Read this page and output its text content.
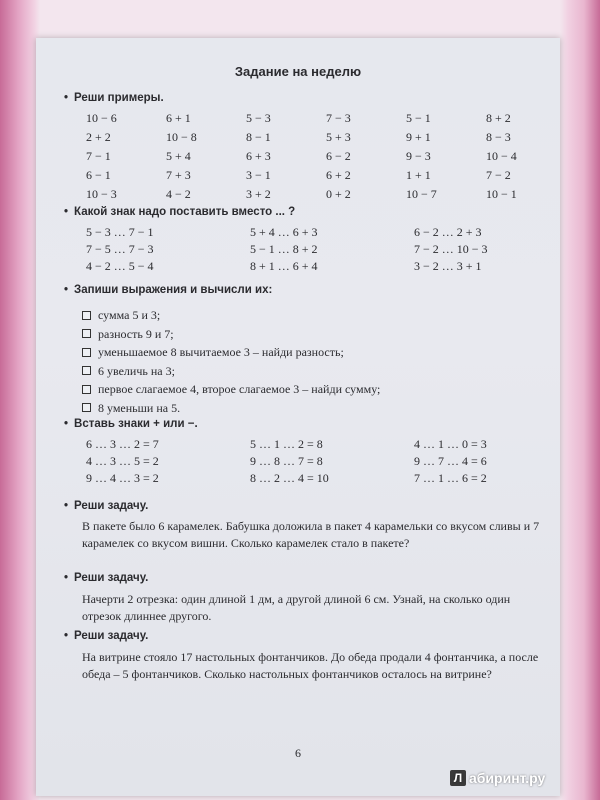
Задание на неделю
• Реши примеры.
10 − 6	6 + 1	5 − 3	7 − 3	5 − 1	8 + 2
2 + 2	10 − 8	8 − 1	5 + 3	9 + 1	8 − 3
7 − 1	5 + 4	6 + 3	6 − 2	9 − 3	10 − 4
6 − 1	7 + 3	3 − 1	6 + 2	1 + 1	7 − 2
10 − 3	4 − 2	3 + 2	0 + 2	10 − 7	10 − 1
• Какой знак надо поставить вместо ... ?
5 − 3 … 7 − 1	5 + 4 … 6 + 3	6 − 2 … 2 + 3
7 − 5 … 7 − 3	5 − 1 … 8 + 2	7 − 2 … 10 − 3
4 − 2 … 5 − 4	8 + 1 … 6 + 4	3 − 2 … 3 + 1
• Запиши выражения и вычисли их:
сумма 5 и 3;
разность 9 и 7;
уменьшаемое 8 вычитаемое 3 – найди разность;
6 увеличь на 3;
первое слагаемое 4, второе слагаемое 3 – найди сумму;
8 уменьши на 5.
• Вставь знаки + или −.
6 … 3 … 2 = 7	5 … 1 … 2 = 8	4 … 1 … 0 = 3
4 … 3 … 5 = 2	9 … 8 … 7 = 8	9 … 7 … 4 = 6
9 … 4 … 3 = 2	8 … 2 … 4 = 10	7 … 1 … 6 = 2
• Реши задачу.
В пакете было 6 карамелек. Бабушка доложила в пакет 4 карамельки со вкусом сливы и 7 карамелек со вкусом вишни. Сколько карамелек стало в пакете?
• Реши задачу.
Начерти 2 отрезка: один длиной 1 дм, а другой длиной 6 см. Узнай, на сколько один отрезок длиннее другого.
• Реши задачу.
На витрине стояло 17 настольных фонтанчиков. До обеда продали 4 фонтанчика, а после обеда – 5 фонтанчиков. Сколько настольных фонтанчиков осталось на витрине?
6
Л абиринт.ру
